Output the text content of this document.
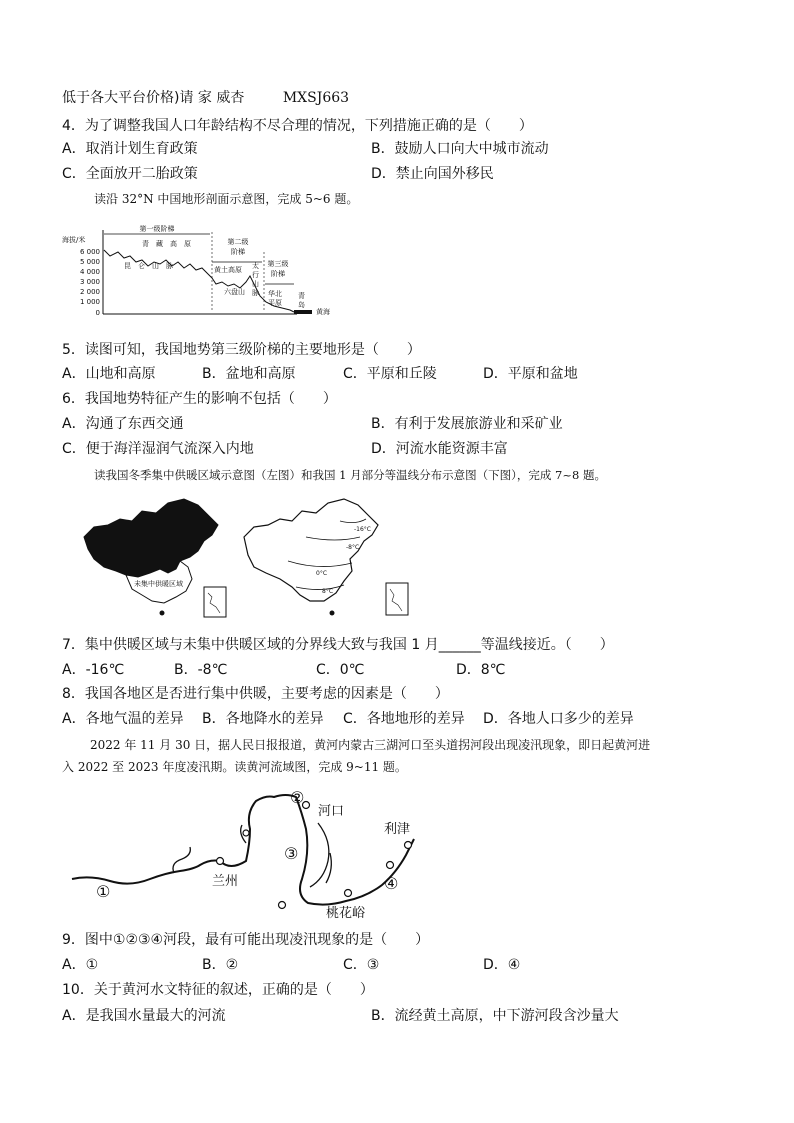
低于各大平台价格)请 家 威杏	MXSJ663
4．为了调整我国人口年龄结构不尽合理的情况，下列措施正确的是（　　）
A．取消计划生育政策	B．鼓励人口向大中城市流动
C．全面放开二胎政策	D．禁止向国外移民
读沿 32°N 中国地形剖面示意图，完成 5~6 题。
海拔/米
6 000
5 000
4 000
3 000
2 000
1 000
0
第一级阶梯
第二级
阶梯
第三级
阶梯
青　藏　高　原
昆　仑　山　脉	黄土高原
六盘山
太
行
山
脉 华北
平原
青
岛
黄海
5．读图可知，我国地势第三级阶梯的主要地形是（　　）
A．山地和高原	B．盆地和高原	C．平原和丘陵	D．平原和盆地
6．我国地势特征产生的影响不包括（　　）
A．沟通了东西交通	B．有利于发展旅游业和采矿业
C．便于海洋湿润气流深入内地	D．河流水能资源丰富
读我国冬季集中供暖区域示意图（左图）和我国 1 月部分等温线分布示意图（下图），完成 7~8 题。
未集中供暖区域
-16°C
-8°C
0°C
8°C
7．集中供暖区域与未集中供暖区域的分界线大致与我国 1 月______等温线接近。（　　）
A．-16℃	B．-8℃	C．0℃	D．8℃
8．我国各地区是否进行集中供暖，主要考虑的因素是（　　）
A．各地气温的差异 B．各地降水的差异 C．各地地形的差异 D．各地人口多少的差异
2022 年 11 月 30 日，据人民日报报道，黄河内蒙古三湖河口至头道拐河段出现凌汛现象，即日起黄河进
入 2022 至 2023 年度凌汛期。读黄河流域图，完成 9~11 题。
①
②
③
④
河口
利津
兰州
桃花峪
9．图中①②③④河段，最有可能出现凌汛现象的是（　　）
A．①	B．②	C．③	D．④
10．关于黄河水文特征的叙述，正确的是（　　）
A．是我国水量最大的河流	B．流经黄土高原，中下游河段含沙量大
